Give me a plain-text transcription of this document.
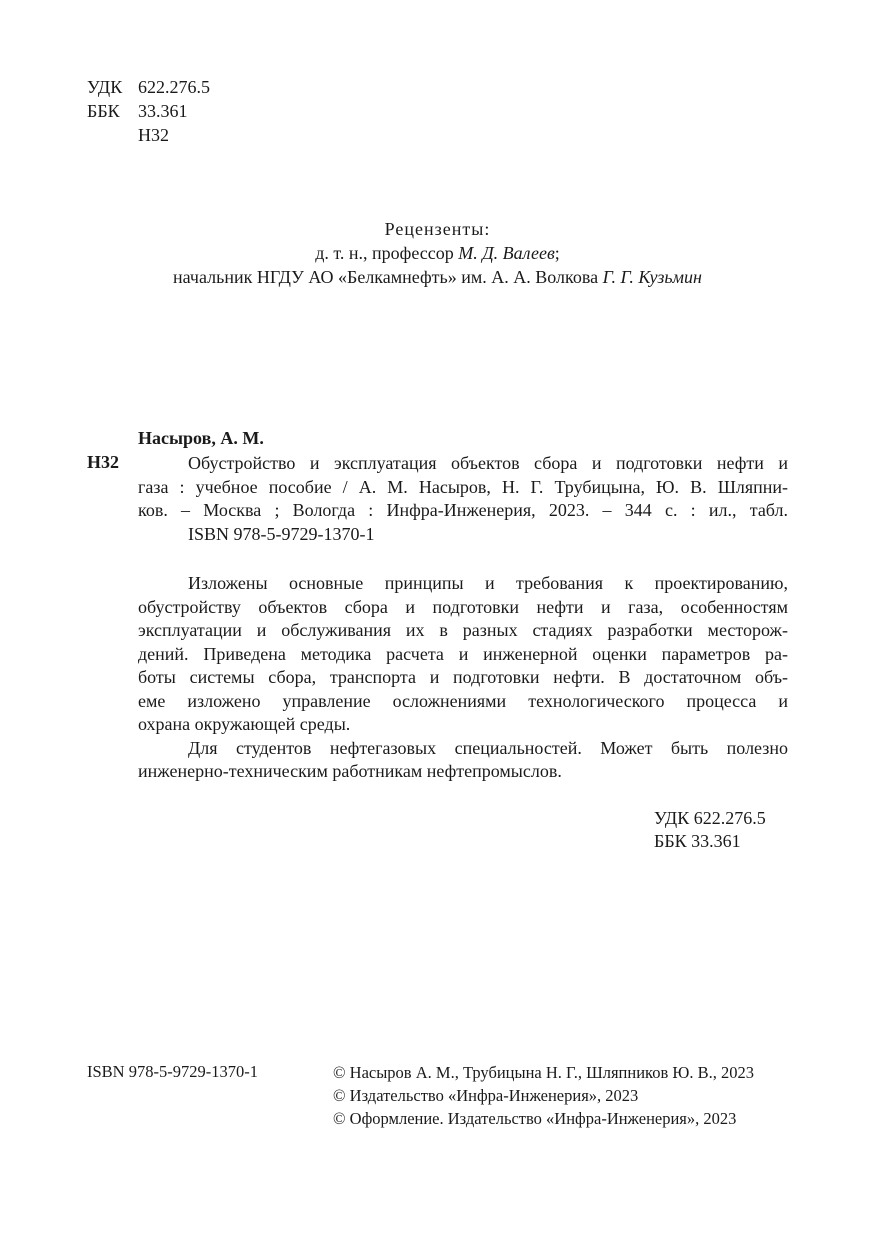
УДК 622.276.5
ББК 33.361
Н32
Рецензенты:
д. т. н., профессор М. Д. Валеев;
начальник НГДУ АО «Белкамнефть» им. А. А. Волкова Г. Г. Кузьмин
Насыров, А. М.
Н32	Обустройство и эксплуатация объектов сбора и подготовки нефти и
газа : учебное пособие / А. М. Насыров, Н. Г. Трубицына, Ю. В. Шляпни-
ков. – Москва ; Вологда : Инфра-Инженерия, 2023. – 344 с. : ил., табл.
ISBN 978-5-9729-1370-1
Изложены основные принципы и требования к проектированию,
обустройству объектов сбора и подготовки нефти и газа, особенностям
эксплуатации и обслуживания их в разных стадиях разработки месторож-
дений. Приведена методика расчета и инженерной оценки параметров ра-
боты системы сбора, транспорта и подготовки нефти. В достаточном объ-
еме изложено управление осложнениями технологического процесса и
охрана окружающей среды.
Для студентов нефтегазовых специальностей. Может быть полезно
инженерно-техническим работникам нефтепромыслов.
УДК 622.276.5
ББК 33.361
ISBN 978-5-9729-1370-1	© Насыров А. М., Трубицына Н. Г., Шляпников Ю. В., 2023
© Издательство «Инфра-Инженерия», 2023
© Оформление. Издательство «Инфра-Инженерия», 2023
